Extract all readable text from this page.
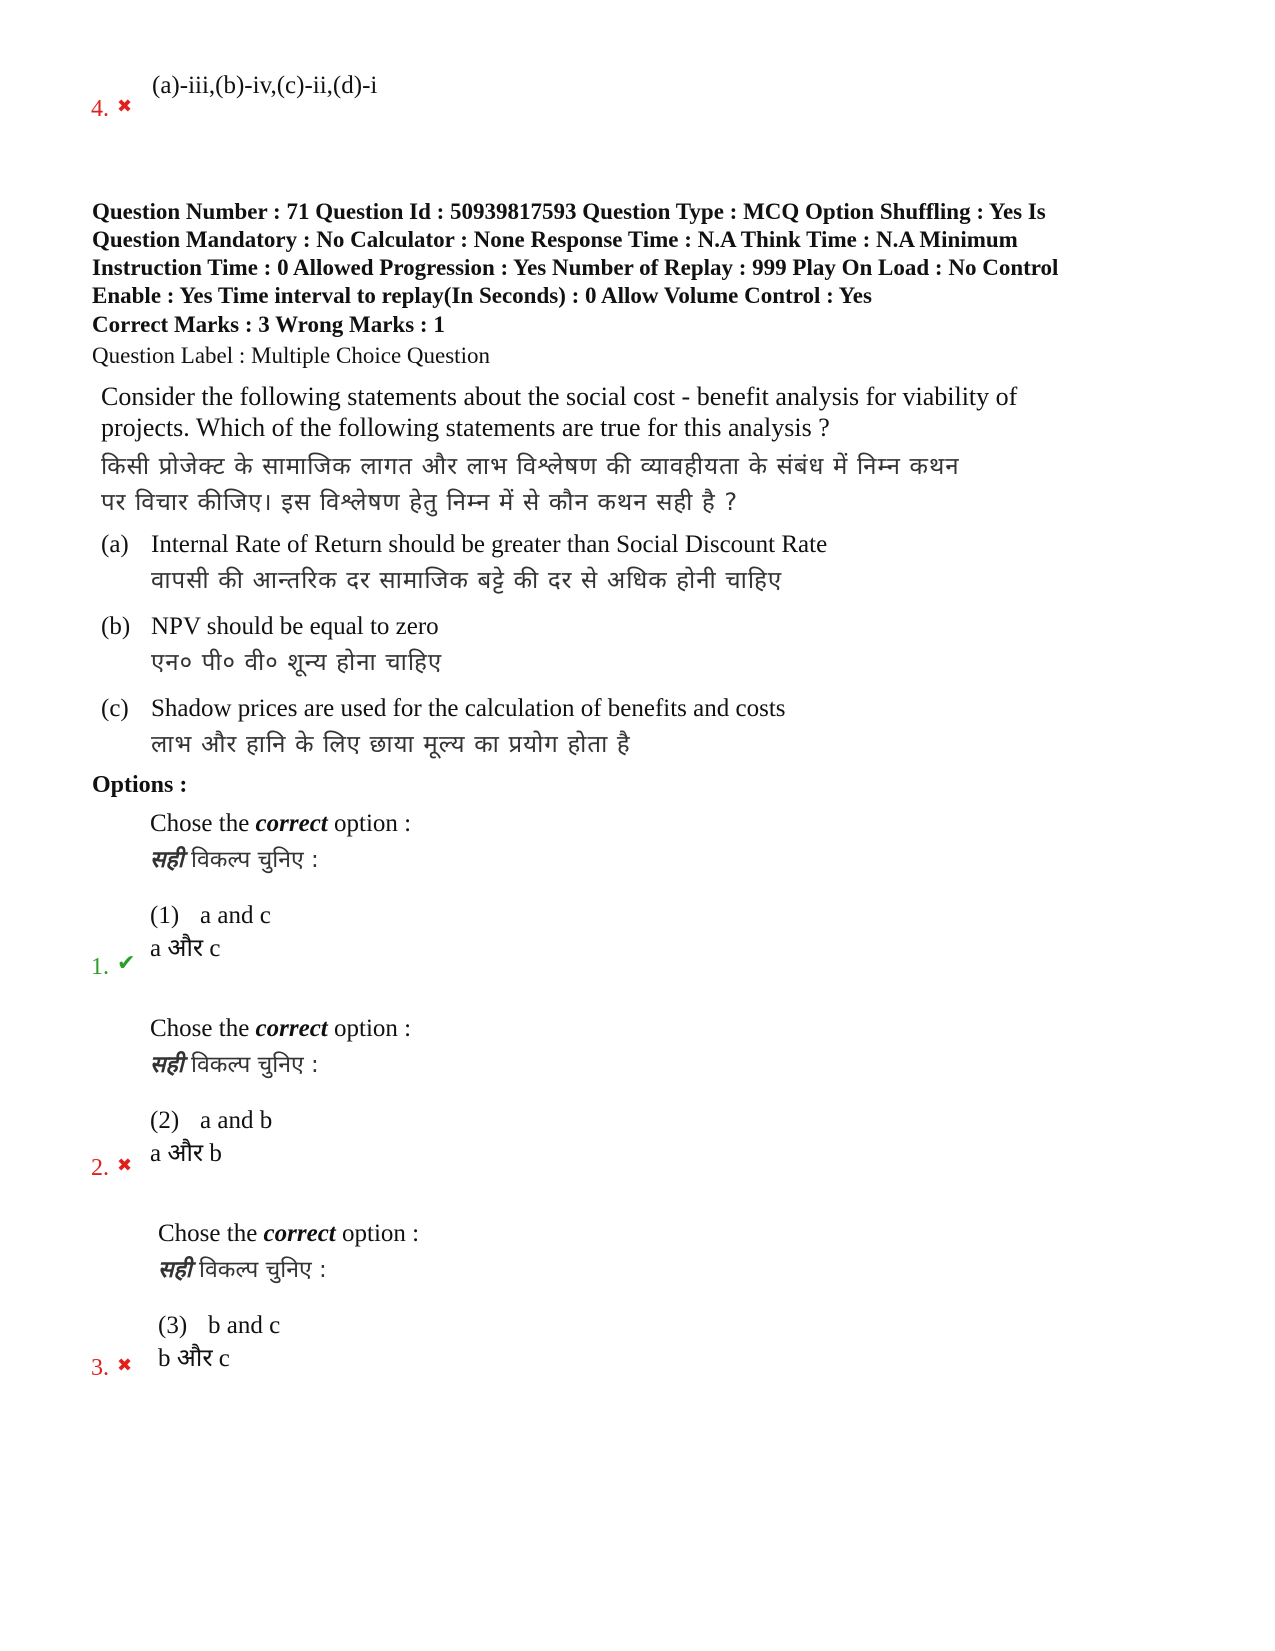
(a)-iii,(b)-iv,(c)-ii,(d)-i
4. ✖
Question Number : 71 Question Id : 50939817593 Question Type : MCQ Option Shuffling : Yes Is
Question Mandatory : No Calculator : None Response Time : N.A Think Time : N.A Minimum
Instruction Time : 0 Allowed Progression : Yes Number of Replay : 999 Play On Load : No Control
Enable : Yes Time interval to replay(In Seconds) : 0 Allow Volume Control : Yes
Correct Marks : 3 Wrong Marks : 1
Question Label : Multiple Choice Question
Consider the following statements about the social cost - benefit analysis for viability of
projects. Which of the following statements are true for this analysis ?
किसी प्रोजेक्ट के सामाजिक लागत और लाभ विश्लेषण की व्यावहीयता के संबंध में निम्न कथन
पर विचार कीजिए। इस विश्लेषण हेतु निम्न में से कौन कथन सही है ?
(a) Internal Rate of Return should be greater than Social Discount Rate
वापसी की आन्तरिक दर सामाजिक बट्टे की दर से अधिक होनी चाहिए
(b) NPV should be equal to zero
एन० पी० वी० शून्य होना चाहिए
(c) Shadow prices are used for the calculation of benefits and costs
लाभ और हानि के लिए छाया मूल्य का प्रयोग होता है
Options :
Chose the correct option :
सही विकल्प चुनिए :
(1) a and c
a और c
1. ✔
Chose the correct option :
सही विकल्प चुनिए :
(2) a and b
a और b
2. ✖
Chose the correct option :
सही विकल्प चुनिए :
(3) b and c
b और c
3. ✖
